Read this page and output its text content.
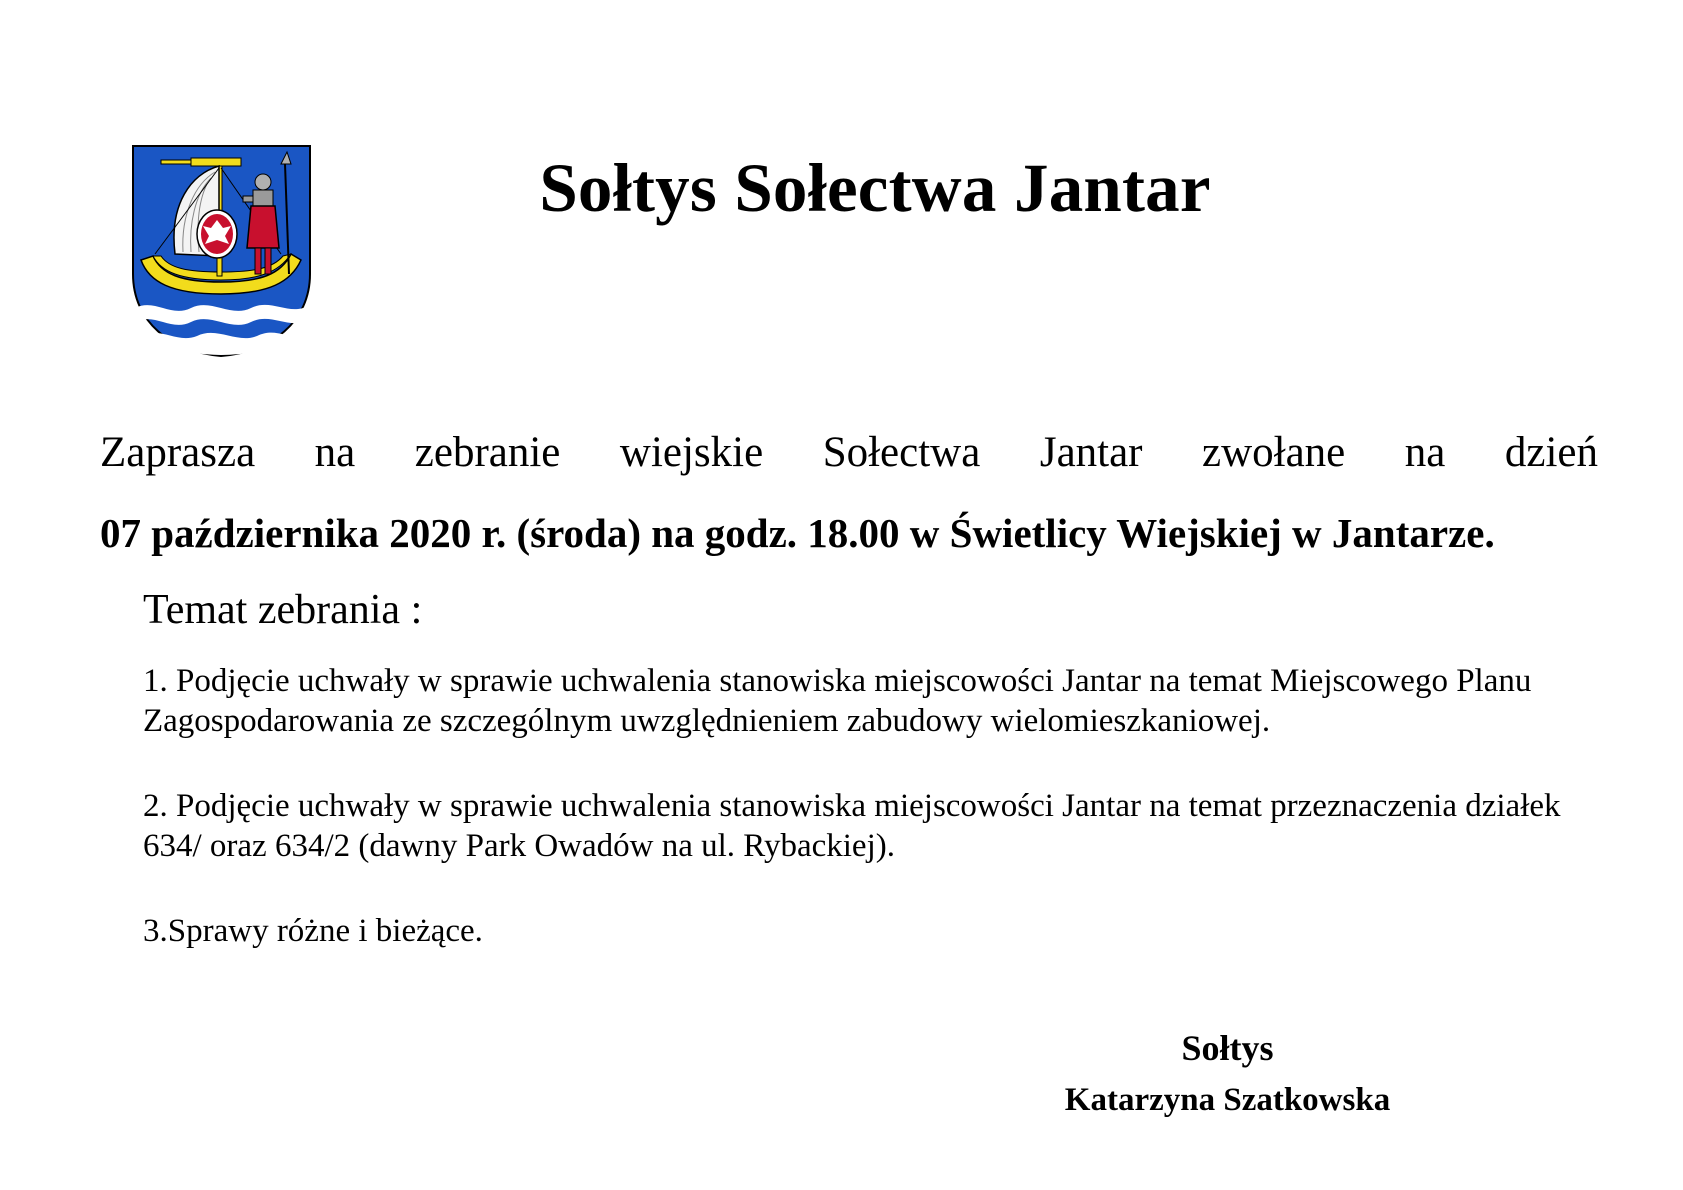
Sołtys Sołectwa Jantar

Zaprasza na zebranie wiejskie Sołectwa Jantar zwołane na dzień

07 października 2020 r. (środa) na godz. 18.00 w Świetlicy Wiejskiej w Jantarze.

Temat zebrania :

1. Podjęcie uchwały w sprawie uchwalenia stanowiska miejscowości Jantar na temat Miejscowego Planu Zagospodarowania ze szczególnym uwzględnieniem zabudowy wielomieszkaniowej.
2. Podjęcie uchwały w sprawie uchwalenia stanowiska miejscowości Jantar na temat przeznaczenia działek 634/ oraz 634/2 (dawny Park Owadów na ul. Rybackiej).
3.Sprawy różne i bieżące.

Sołtys

Katarzyna Szatkowska
